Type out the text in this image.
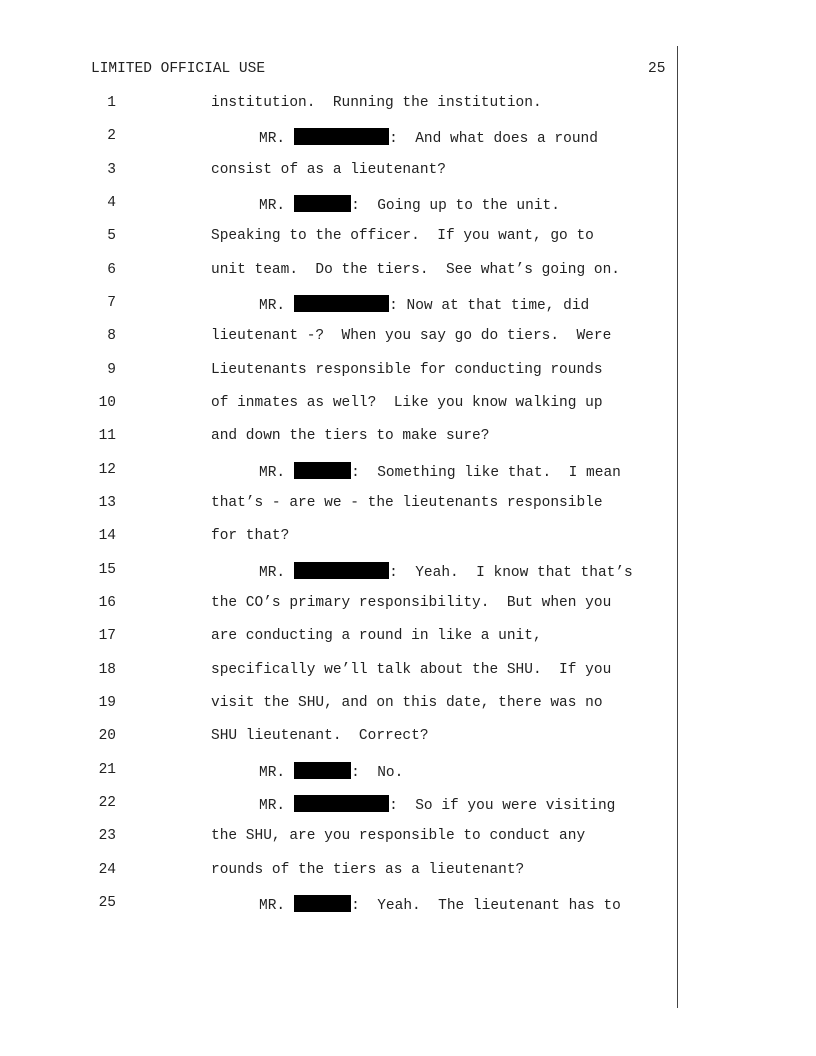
LIMITED OFFICIAL USE	25
1	institution.  Running the institution.
2	MR.	:  And what does a round
3	consist of as a lieutenant?
4	MR.	:  Going up to the unit.
5	Speaking to the officer.  If you want, go to
6	unit team.  Do the tiers.  See what’s going on.
7	MR.	: Now at that time, did
8	lieutenant -?  When you say go do tiers.  Were
9	Lieutenants responsible for conducting rounds
10	of inmates as well?  Like you know walking up
11	and down the tiers to make sure?
12	MR.	:  Something like that.  I mean
13	that’s - are we - the lieutenants responsible
14	for that?
15	MR.	:  Yeah.  I know that that’s
16	the CO’s primary responsibility.  But when you
17	are conducting a round in like a unit,
18	specifically we’ll talk about the SHU.  If you
19	visit the SHU, and on this date, there was no
20	SHU lieutenant.  Correct?
21	MR.	:  No.
22	MR.	:  So if you were visiting
23	the SHU, are you responsible to conduct any
24	rounds of the tiers as a lieutenant?
25	MR.	:  Yeah.  The lieutenant has to
